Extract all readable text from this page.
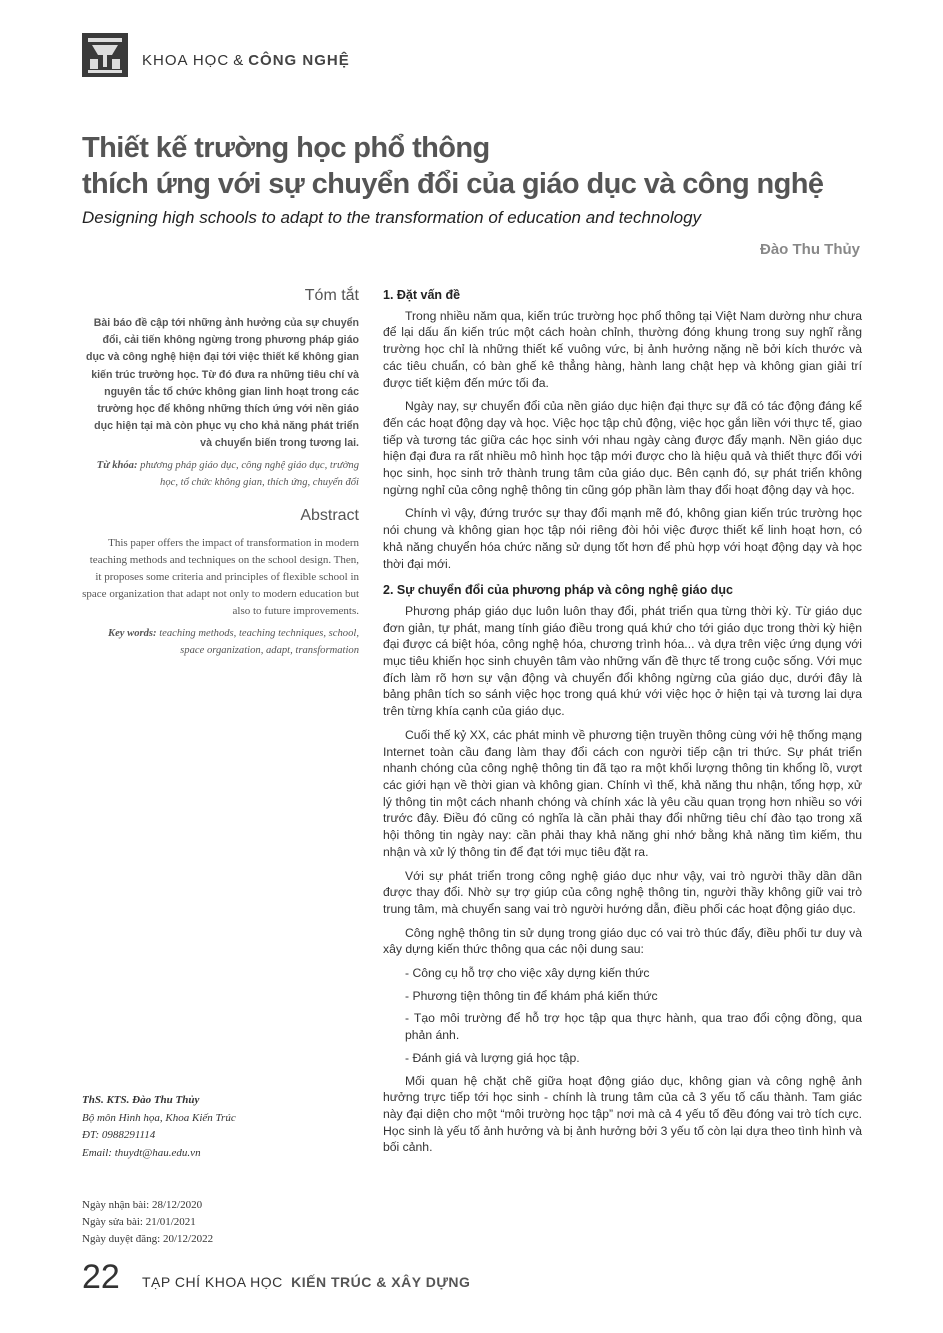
KHOA HỌC & CÔNG NGHỆ
Thiết kế trường học phổ thông
thích ứng với sự chuyển đổi của giáo dục và công nghệ
Designing high schools to adapt to the transformation of education and technology
Đào Thu Thủy
Tóm tắt
Bài báo đề cập tới những ảnh hưởng của sự chuyển đổi, cải tiến không ngừng trong phương pháp giáo dục và công nghệ hiện đại tới việc thiết kế không gian kiến trúc trường học. Từ đó đưa ra những tiêu chí và nguyên tắc tổ chức không gian linh hoạt trong các trường học để không những thích ứng với nền giáo dục hiện tại mà còn phục vụ cho khả năng phát triển và chuyển biến trong tương lai.
Từ khóa: phương pháp giáo dục, công nghệ giáo dục, trường học, tổ chức không gian, thích ứng, chuyển đổi
Abstract
This paper offers the impact of transformation in modern teaching methods and techniques on the school design. Then, it proposes some criteria and principles of flexible school in space organization that adapt not only to modern education but also to future improvements.
Key words: teaching methods, teaching techniques, school, space organization, adapt, transformation
ThS. KTS. Đào Thu Thủy
Bộ môn Hình họa, Khoa Kiến Trúc
ĐT: 0988291114
Email: thuydt@hau.edu.vn
Ngày nhận bài: 28/12/2020
Ngày sửa bài: 21/01/2021
Ngày duyệt đăng: 20/12/2022
1. Đặt vấn đề

Trong nhiều năm qua, kiến trúc trường học phổ thông tại Việt Nam dường như chưa để lại dấu ấn kiến trúc một cách hoàn chỉnh, thường đóng khung trong suy nghĩ rằng trường học chỉ là những thiết kế vuông vức, bị ảnh hưởng nặng nề bởi kích thước và các tiêu chuẩn, có bàn ghế kê thẳng hàng, hành lang chật hẹp và không gian giải trí được tiết kiệm đến mức tối đa.

Ngày nay, sự chuyển đổi của nền giáo dục hiện đại thực sự đã có tác động đáng kể đến các hoạt động dạy và học. Việc học tập chủ động, việc học gắn liền với thực tế, giao tiếp và tương tác giữa các học sinh với nhau ngày càng được đẩy mạnh. Nền giáo dục hiện đại đưa ra rất nhiều mô hình học tập mới được cho là hiệu quả và thiết thực đối với học sinh, học sinh trở thành trung tâm của giáo dục. Bên cạnh đó, sự phát triển không ngừng nghỉ của công nghệ thông tin cũng góp phần làm thay đổi hoạt động dạy và học.

Chính vì vậy, đứng trước sự thay đổi mạnh mẽ đó, không gian kiến trúc trường học nói chung và không gian học tập nói riêng đòi hỏi việc được thiết kế linh hoạt hơn, có khả năng chuyển hóa chức năng sử dụng tốt hơn để phù hợp với hoạt động dạy và học thời đại mới.

2. Sự chuyển đổi của phương pháp và công nghệ giáo dục

Phương pháp giáo dục luôn luôn thay đổi, phát triển qua từng thời kỳ. Từ giáo dục đơn giản, tự phát, mang tính giáo điều trong quá khứ cho tới giáo dục trong thời kỳ hiện đại được cá biệt hóa, công nghệ hóa, chương trình hóa... và dựa trên việc ứng dụng với mục tiêu khiến học sinh chuyên tâm vào những vấn đề thực tế trong cuộc sống. Với mục đích làm rõ hơn sự vận động và chuyển đổi không ngừng của giáo dục, dưới đây là bảng phân tích so sánh việc học trong quá khứ với việc học ở hiện tại và tương lai dựa trên từng khía cạnh của giáo dục.

Cuối thế kỷ XX, các phát minh về phương tiện truyền thông cùng với hệ thống mạng Internet toàn cầu đang làm thay đổi cách con người tiếp cận tri thức. Sự phát triển nhanh chóng của công nghệ thông tin đã tạo ra một khối lượng thông tin khổng lồ, vượt các giới hạn về thời gian và không gian. Chính vì thế, khả năng thu nhận, tổng hợp, xử lý thông tin một cách nhanh chóng và chính xác là yêu cầu quan trọng hơn nhiều so với trước đây. Điều đó cũng có nghĩa là cần phải thay đổi những tiêu chí đào tạo trong xã hội thông tin ngày nay: cần phải thay khả năng ghi nhớ bằng khả năng tìm kiếm, thu nhận và xử lý thông tin để đạt tới mục tiêu đặt ra.

Với sự phát triển trong công nghệ giáo dục như vậy, vai trò người thầy dần dần được thay đổi. Nhờ sự trợ giúp của công nghệ thông tin, người thầy không giữ vai trò trung tâm, mà chuyển sang vai trò người hướng dẫn, điều phối các hoạt động giáo dục.

Công nghệ thông tin sử dụng trong giáo dục có vai trò thúc đẩy, điều phối tư duy và xây dựng kiến thức thông qua các nội dung sau:

- Công cụ hỗ trợ cho việc xây dựng kiến thức

- Phương tiện thông tin để khám phá kiến thức

- Tạo môi trường để hỗ trợ học tập qua thực hành, qua trao đổi cộng đồng, qua phản ánh.

- Đánh giá và lượng giá học tập.

Mối quan hệ chặt chẽ giữa hoạt động giáo dục, không gian và công nghệ ảnh hưởng trực tiếp tới học sinh - chính là trung tâm của cả 3 yếu tố cấu thành. Tam giác này đại diện cho một “môi trường học tập” nơi mà cả 4 yếu tố đều đóng vai trò tích cực. Học sinh là yếu tố ảnh hưởng và bị ảnh hưởng bởi 3 yếu tố còn lại dựa theo tình hình và bối cảnh.

22 TẠP CHÍ KHOA HỌC KIẾN TRÚC & XÂY DỰNG
